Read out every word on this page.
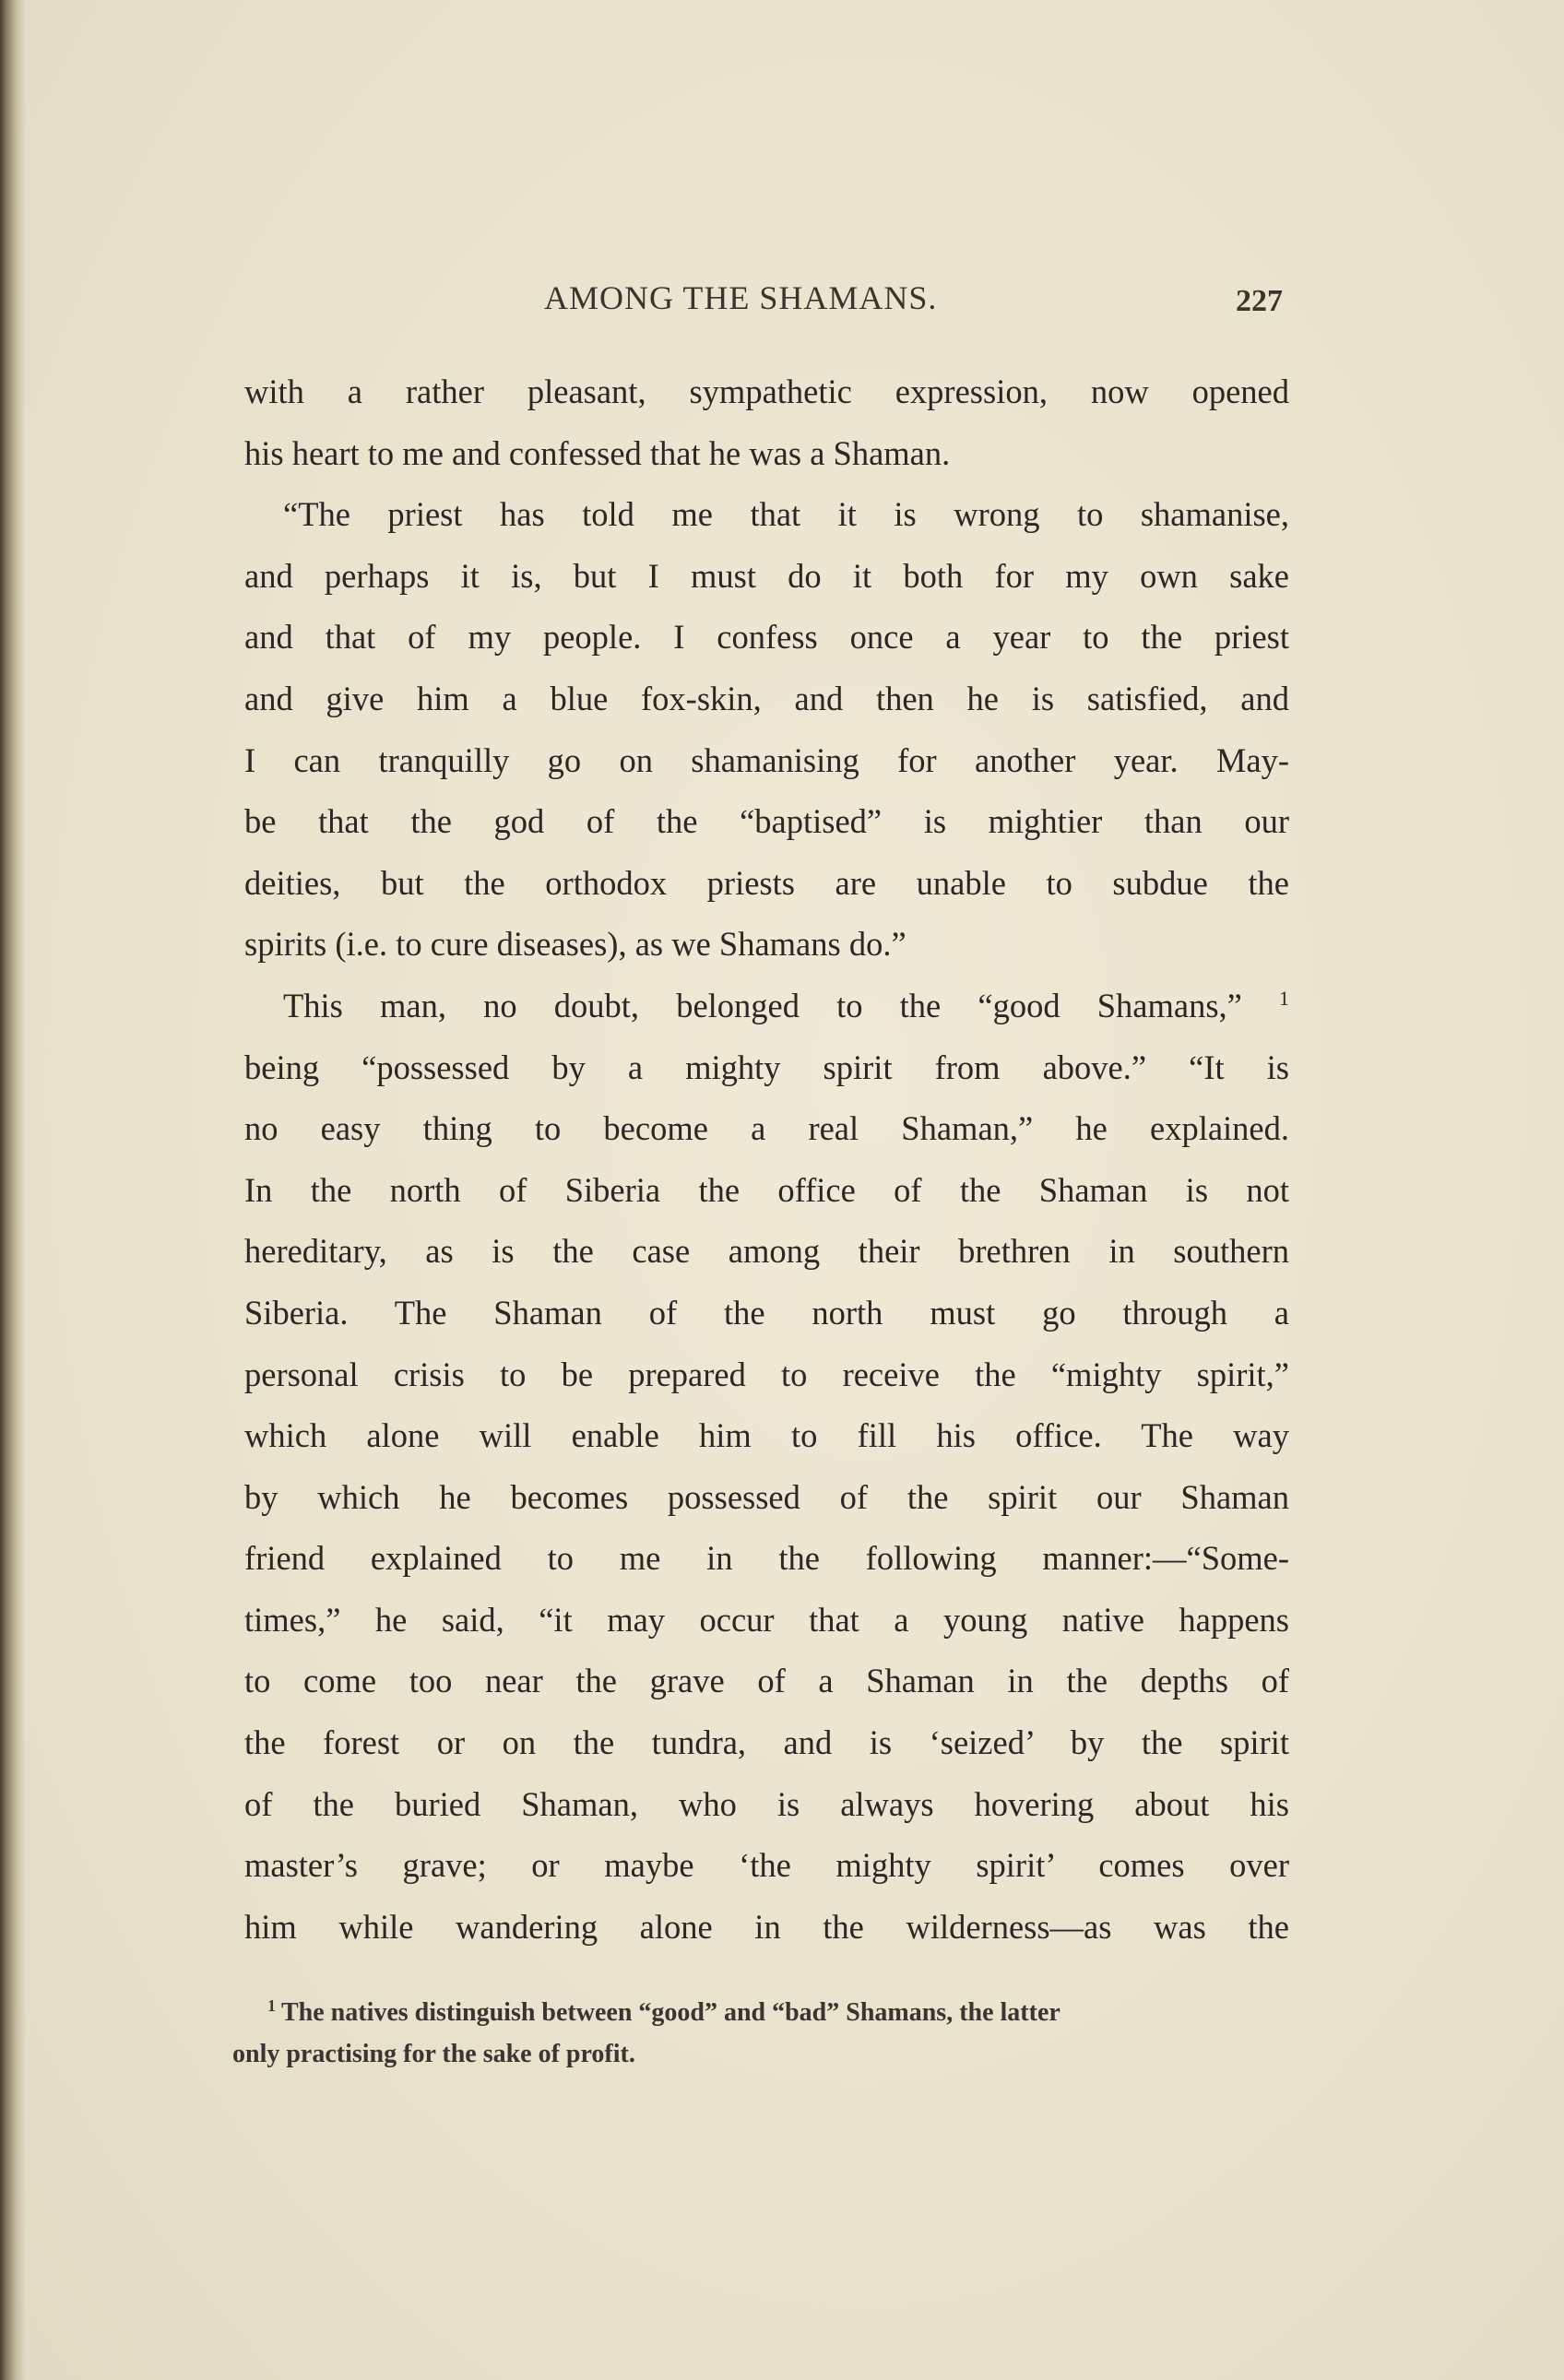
AMONG THE SHAMANS.	227
with a rather pleasant, sympathetic expression, now opened
his heart to me and confessed that he was a Shaman.
“The priest has told me that it is wrong to shamanise,
and perhaps it is, but I must do it both for my own sake
and that of my people. I confess once a year to the priest
and give him a blue fox-skin, and then he is satisfied, and
I can tranquilly go on shamanising for another year. May-
be that the god of the “baptised” is mightier than our
deities, but the orthodox priests are unable to subdue the
spirits (i.e. to cure diseases), as we Shamans do.”
This man, no doubt, belonged to the “good Shamans,” $^1$
being “possessed by a mighty spirit from above.” “It is
no easy thing to become a real Shaman,” he explained.
In the north of Siberia the office of the Shaman is not
hereditary, as is the case among their brethren in southern
Siberia. The Shaman of the north must go through a
personal crisis to be prepared to receive the “mighty spirit,”
which alone will enable him to fill his office. The way
by which he becomes possessed of the spirit our Shaman
friend explained to me in the following manner:—“Some-
times,” he said, “it may occur that a young native happens
to come too near the grave of a Shaman in the depths of
the forest or on the tundra, and is ‘seized’ by the spirit
of the buried Shaman, who is always hovering about his
master’s grave; or maybe ‘the mighty spirit’ comes over
him while wandering alone in the wilderness—as was the
$^1$ The natives distinguish between “good” and “bad” Shamans, the latter
only practising for the sake of profit.
